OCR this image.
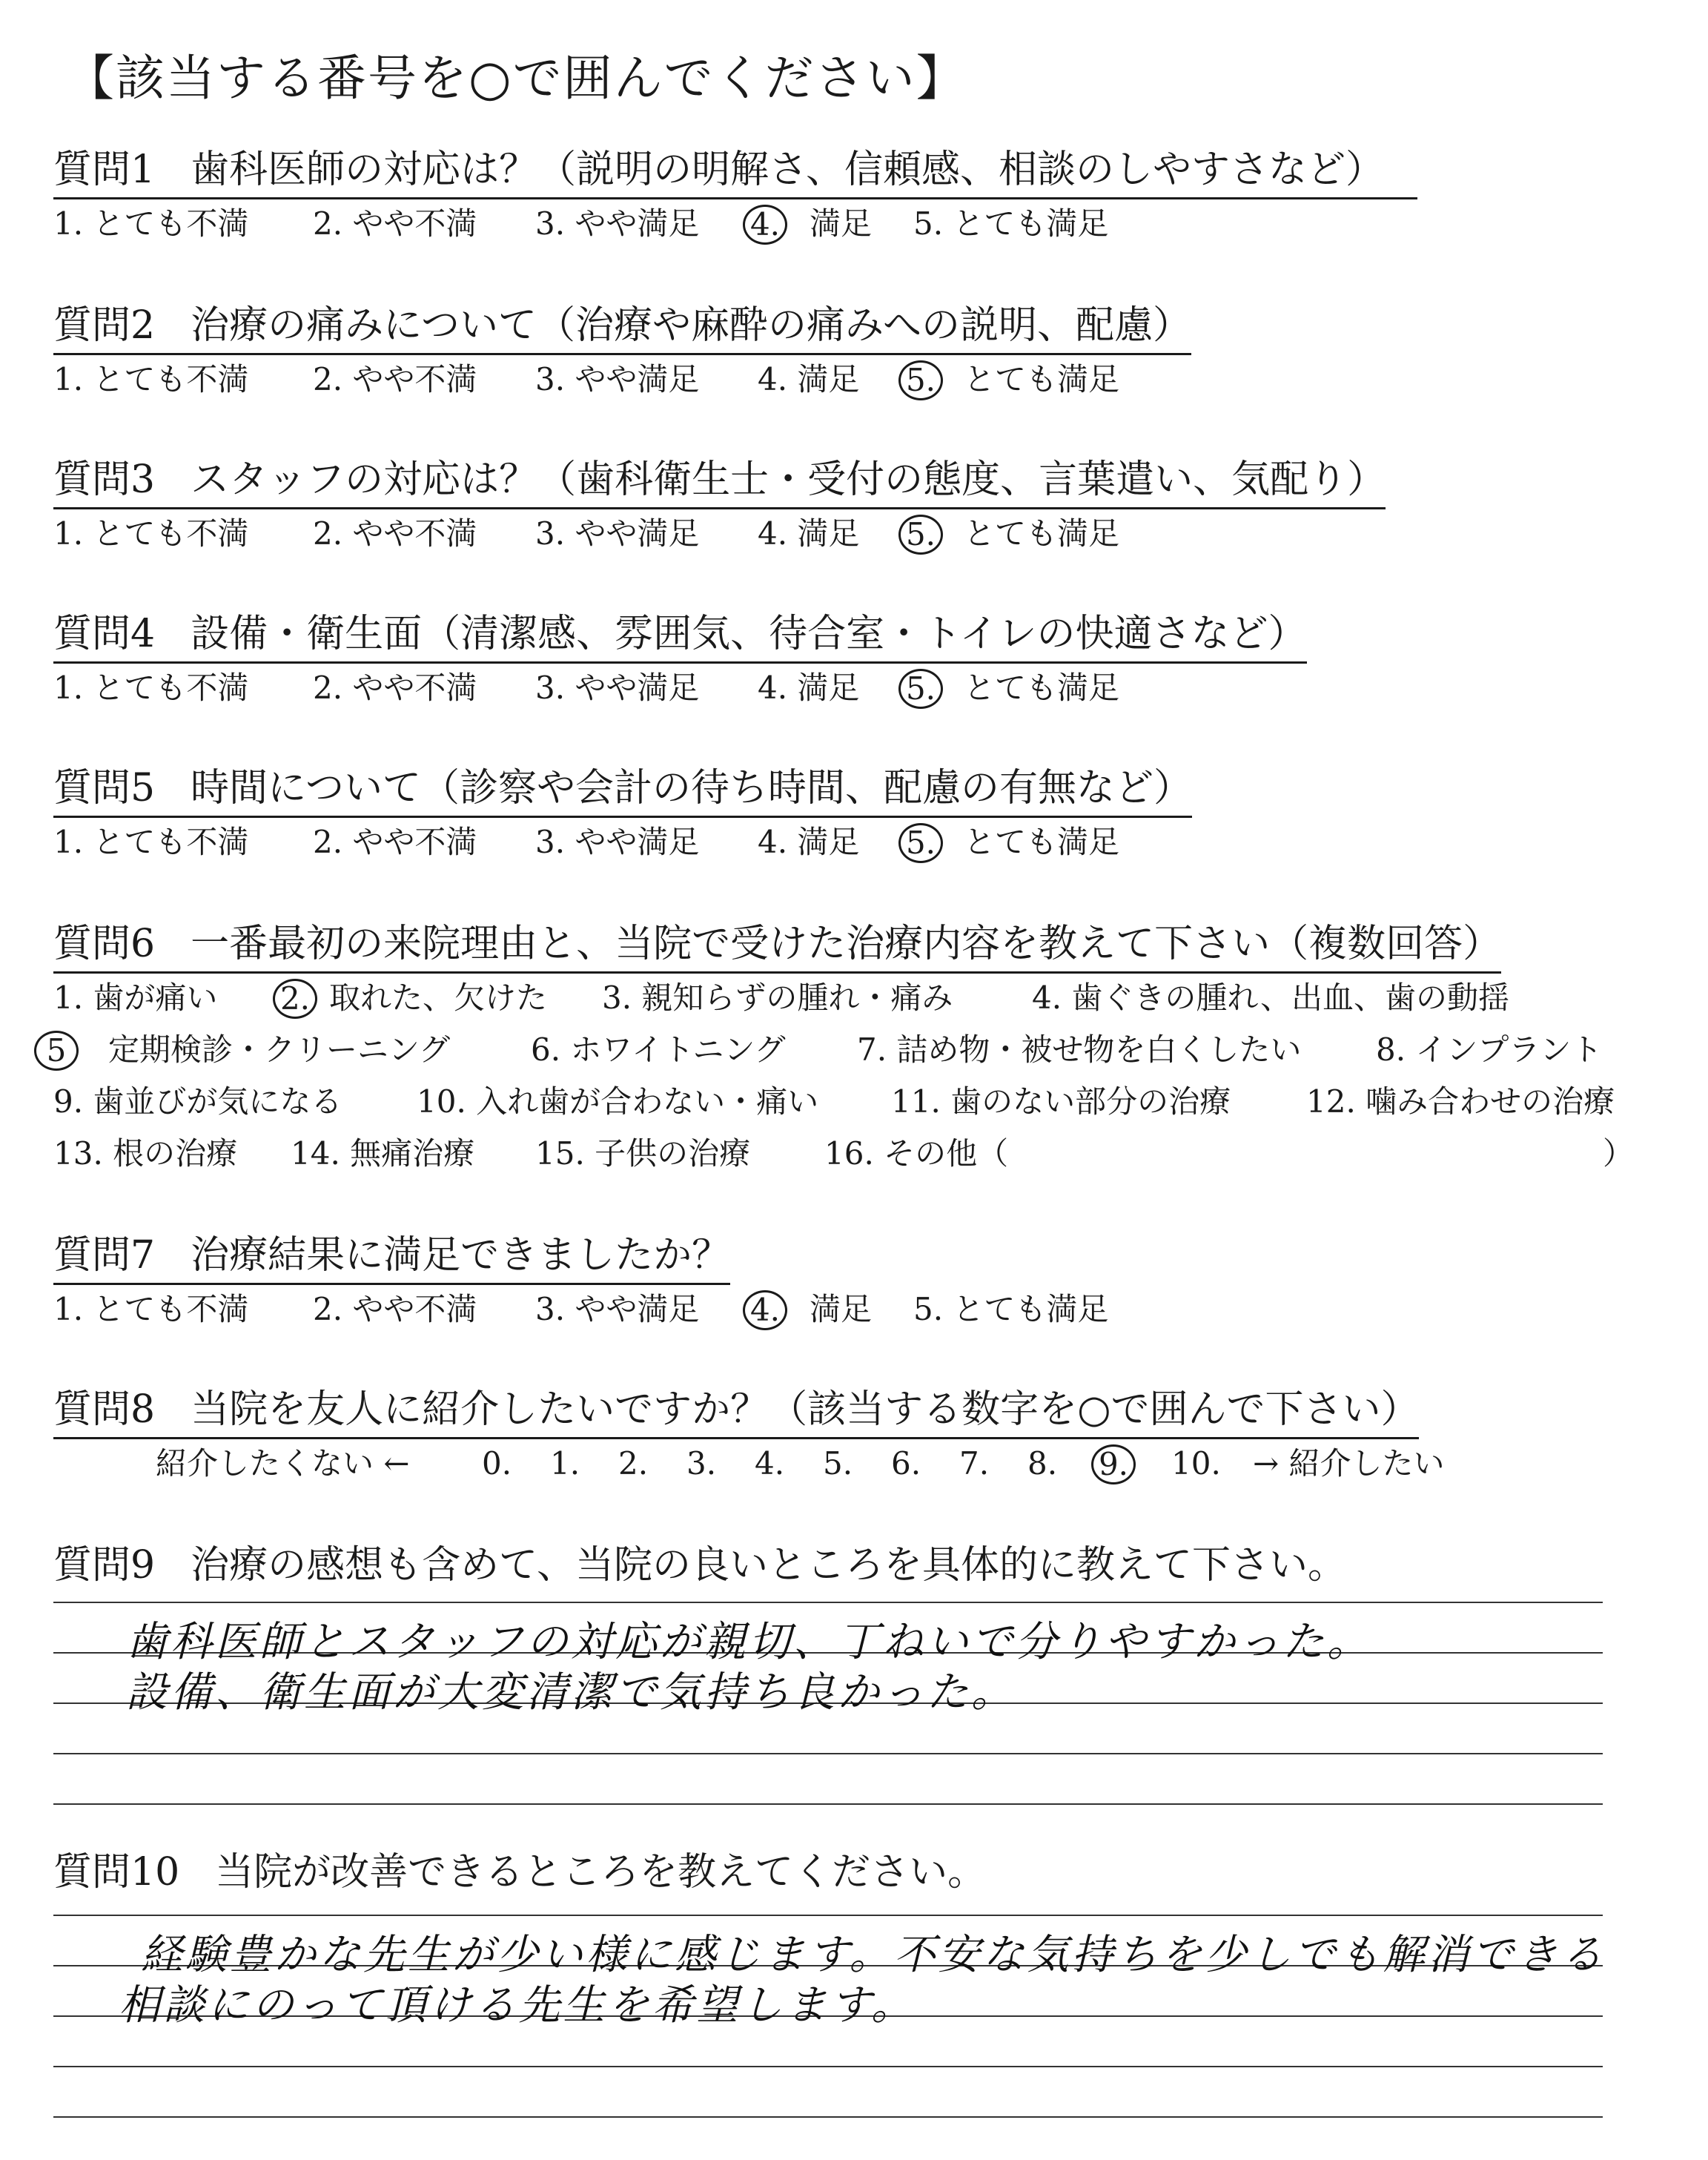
【該当する番号を○で囲んでください】
質問1 歯科医師の対応は？（説明の明解さ、信頼感、相談のしやすさなど）
1. とても不満 2. やや不満 3. やや満足 4. 満足 5. とても満足
質問2 治療の痛みについて（治療や麻酔の痛みへの説明、配慮）
1. とても不満 2. やや不満 3. やや満足 4. 満足 5. とても満足
質問3 スタッフの対応は？（歯科衛生士・受付の態度、言葉遣い、気配り）
1. とても不満 2. やや不満 3. やや満足 4. 満足 5. とても満足
質問4 設備・衛生面（清潔感、雰囲気、待合室・トイレの快適さなど）
1. とても不満 2. やや不満 3. やや満足 4. 満足 5. とても満足
質問5 時間について（診察や会計の待ち時間、配慮の有無など）
1. とても不満 2. やや不満 3. やや満足 4. 満足 5. とても満足
質問6 一番最初の来院理由と、当院で受けた治療内容を教えて下さい（複数回答）
1. 歯が痛い 2. 取れた、欠けた 3. 親知らずの腫れ・痛み	4. 歯ぐきの腫れ、出血、歯の動揺
5	定期検診・クリーニング	6. ホワイトニング 7. 詰め物・被せ物を白くしたい 8. インプラント
9. 歯並びが気になる 10. 入れ歯が合わない・痛い 11. 歯のない部分の治療 12. 噛み合わせの治療
13. 根の治療 14. 無痛治療 15. 子供の治療 16. その他（	）
質問7 治療結果に満足できましたか？
1. とても不満 2. やや不満 3. やや満足 4. 満足 5. とても満足
質問8 当院を友人に紹介したいですか？（該当する数字を○で囲んで下さい）
紹介したくない ← 0. 1. 2. 3. 4. 5. 6. 7. 8. 9. 10. → 紹介したい
質問9 治療の感想も含めて、当院の良いところを具体的に教えて下さい。
歯科医師とスタッフの対応が親切、丁ねいで分りやすかった。
設備、衛生面が大変清潔で気持ち良かった。
質問10 当院が改善できるところを教えてください。
経験豊かな先生が少い様に感じます。不安な気持ちを少しでも解消できる
相談にのって頂ける先生を希望します。
